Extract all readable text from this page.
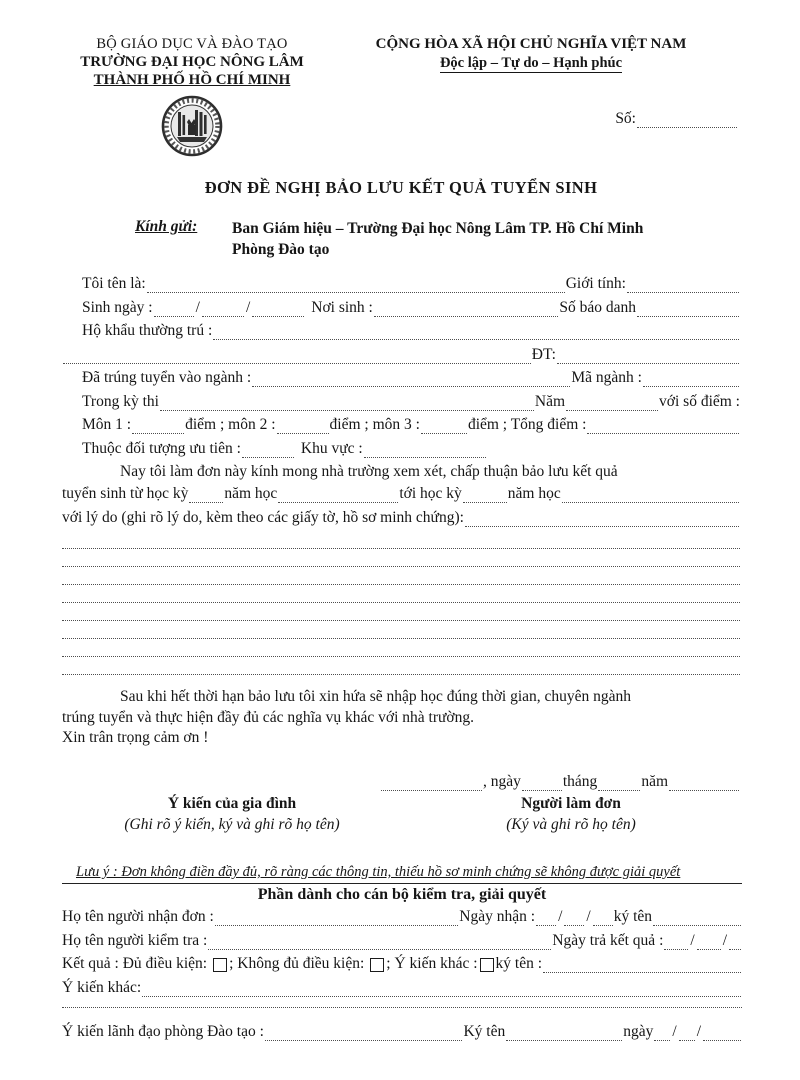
BỘ GIÁO DỤC VÀ ĐÀO TẠO
TRƯỜNG ĐẠI HỌC NÔNG LÂM
THÀNH PHỐ HỒ CHÍ MINH
CỘNG HÒA XÃ HỘI CHỦ NGHĨA VIỆT NAM
Độc lập – Tự do – Hạnh phúc
Số:
ĐƠN ĐỀ NGHỊ BẢO LƯU KẾT QUẢ TUYỂN SINH
Kính gửi:	Ban Giám hiệu – Trường Đại học Nông Lâm TP. Hồ Chí Minh
Phòng Đào tạo
Tôi tên là:	Giới tính:
Sinh ngày :	/	/	Nơi sinh :	Số báo danh
Hộ khẩu thường trú :
ĐT:
Đã trúng tuyển vào ngành :	Mã ngành :
Trong kỳ thi	Năm	với số điểm :
Môn 1 :	điểm ; môn 2 :	điểm ; môn 3 :	điểm ; Tổng điểm :
Thuộc đối tượng ưu tiên :	Khu vực :
Nay tôi làm đơn này kính mong nhà trường xem xét, chấp thuận bảo lưu kết quả
tuyển sinh từ học kỳ năm học	tới học kỳ	năm học
với lý do (ghi rõ lý do, kèm theo các giấy tờ, hồ sơ minh chứng):
Sau khi hết thời hạn bảo lưu tôi xin hứa sẽ nhập học đúng thời gian, chuyên ngành
trúng tuyển và thực hiện đầy đủ các nghĩa vụ khác với nhà trường.
Xin trân trọng cảm ơn !
, ngày	tháng	năm
Ý kiến của gia đình
(Ghi rõ ý kiến, ký và ghi rõ họ tên)
Người làm đơn
(Ký và ghi rõ họ tên)
Lưu ý : Đơn không điền đầy đủ, rõ ràng các thông tin, thiếu hồ sơ minh chứng sẽ không được giải quyết
Phần dành cho cán bộ kiểm tra, giải quyết
Họ tên người nhận đơn :	Ngày nhận : / / ký tên
Họ tên người kiểm tra :	Ngày trả kết quả : / /
Kết quả : Đủ điều kiện: ; Không đủ điều kiện: ; Ý kiến khác : ký tên :
Ý kiến khác:
Ý kiến lãnh đạo phòng Đào tạo :	Ký tên	ngày / /
